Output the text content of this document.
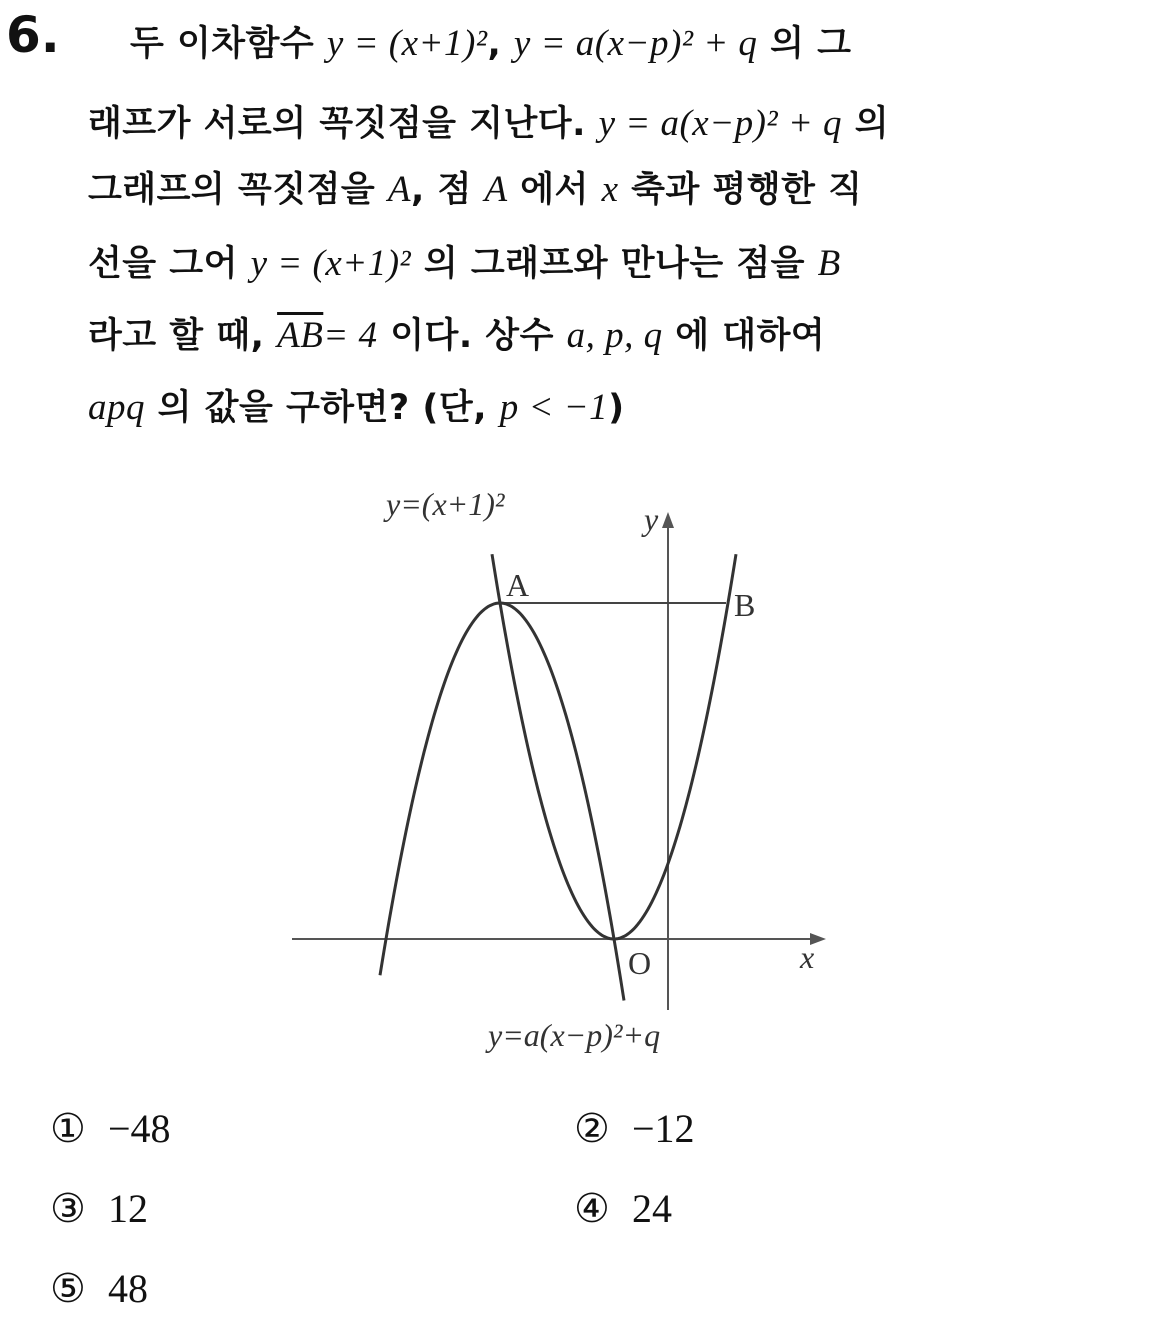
6. 두 이차함수 y = (x+1)², y = a(x−p)² + q 의 그
래프가 서로의 꼭짓점을 지난다. y = a(x−p)² + q 의
그래프의 꼭짓점을 A, 점 A 에서 x 축과 평행한 직
선을 그어 y = (x+1)² 의 그래프와 만나는 점을 B
라고 할 때, $\overline{AB}= 4$ 이다. 상수 a, p, q 에 대하여
apq 의 값을 구하면? (단, p < −1)
y=(x+1)²
y=a(x−p)²+q
A
B
O	x
y
① −48	② −12
③ 12	④ 24
⑤ 48
